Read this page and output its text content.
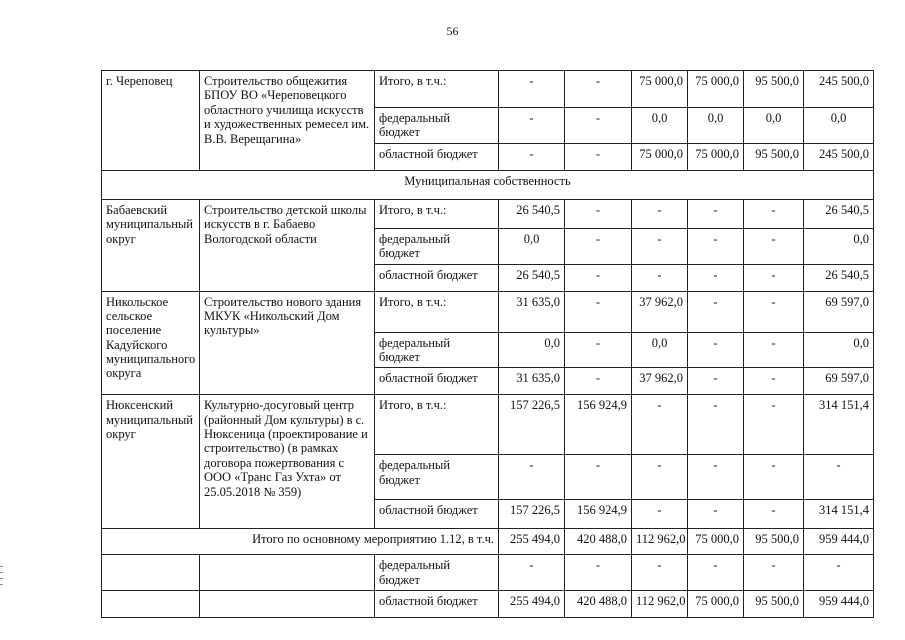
56
г. Череповец	Строительство общежития БПОУ ВО «Череповецкого областного училища искусств и художественных ремесел им. В.В. Верещагина»	Итого, в т.ч.:	-	-	75 000,0	75 000,0	95 500,0	245 500,0
		федеральный бюджет	-	-	0,0	0,0	0,0	0,0
		областной бюджет	-	-	75 000,0	75 000,0	95 500,0	245 500,0
Муниципальная собственность								
Бабаевский муниципальный округ	Строительство детской школы искусств в г. Бабаево Вологодской области	Итого, в т.ч.:	26 540,5	-	-	-	-	26 540,5
		федеральный бюджет	0,0	-	-	-	-	0,0
		областной бюджет	26 540,5	-	-	-	-	26 540,5
Никольское сельское поселение Кадуйского муниципального округа	Строительство нового здания МКУК «Никольский Дом культуры»	Итого, в т.ч.:	31 635,0	-	37 962,0	-	-	69 597,0
		федеральный бюджет	0,0	-	0,0	-	-	0,0
		областной бюджет	31 635,0	-	37 962,0	-	-	69 597,0
Нюксенский муниципальный округ	Культурно-досуговый центр (районный Дом культуры) в с. Нюксеница (проектирование и строительство) (в рамках договора пожертвования с ООО «Транс Газ Ухта» от 25.05.2018 № 359)	Итого, в т.ч.:	157 226,5	156 924,9	-	-	-	314 151,4
		федеральный бюджет	-	-	-	-	-	-
		областной бюджет	157 226,5	156 924,9	-	-	-	314 151,4
Итого по основному мероприятию 1.12, в т.ч.			255 494,0	420 488,0	112 962,0	75 000,0	95 500,0	959 444,0
		федеральный бюджет	-	-	-	-	-	-
		областной бюджет	255 494,0	420 488,0	112 962,0	75 000,0	95 500,0	959 444,0
